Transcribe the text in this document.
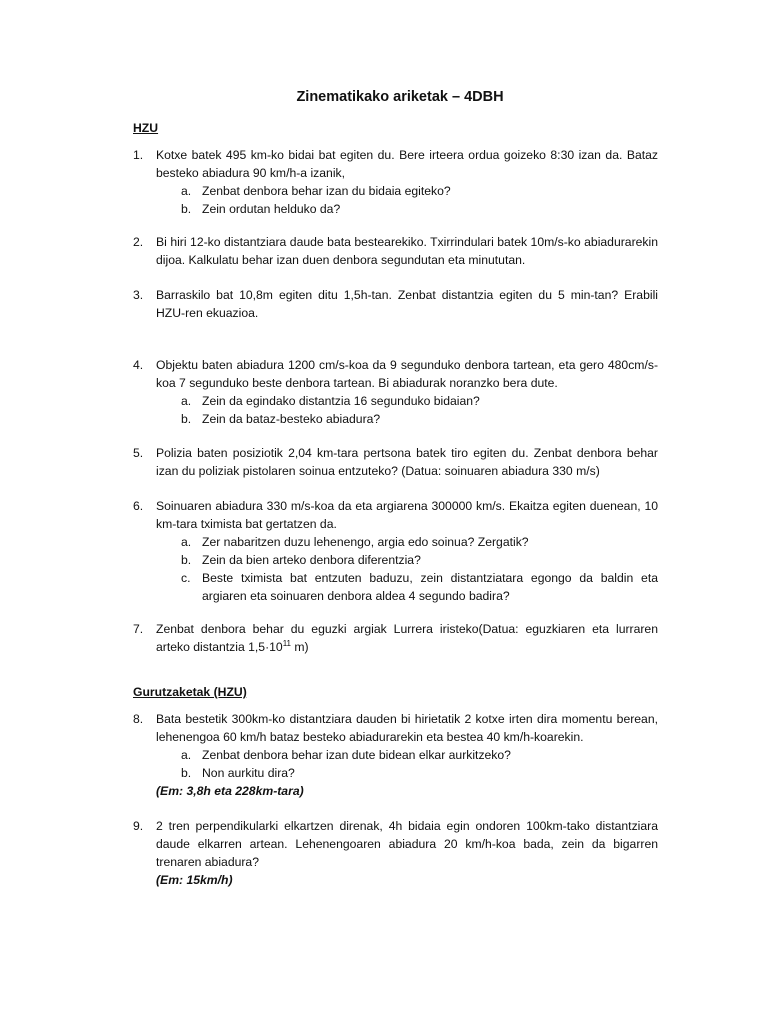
Zinematikako ariketak – 4DBH
HZU
1. Kotxe batek 495 km-ko bidai bat egiten du. Bere irteera ordua goizeko 8:30 izan da. Bataz besteko abiadura 90 km/h-a izanik,
a. Zenbat denbora behar izan du bidaia egiteko?
b. Zein ordutan helduko da?
2. Bi hiri 12-ko distantziara daude bata bestearekiko. Txirrindulari batek 10m/s-ko abiadurarekin dijoa. Kalkulatu behar izan duen denbora segundutan eta minututan.
3. Barraskilo bat 10,8m egiten ditu 1,5h-tan. Zenbat distantzia egiten du 5 min-tan? Erabili HZU-ren ekuazioa.
4. Objektu baten abiadura 1200 cm/s-koa da 9 segunduko denbora tartean, eta gero 480cm/s-koa 7 segunduko beste denbora tartean. Bi abiadurak noranzko bera dute.
a. Zein da egindako distantzia 16 segunduko bidaian?
b. Zein da bataz-besteko abiadura?
5. Polizia baten posiziotik 2,04 km-tara pertsona batek tiro egiten du. Zenbat denbora behar izan du poliziak pistolaren soinua entzuteko? (Datua: soinuaren abiadura 330 m/s)
6. Soinuaren abiadura 330 m/s-koa da eta argiarena 300000 km/s. Ekaitza egiten duenean, 10 km-tara tximista bat gertatzen da.
a. Zer nabaritzen duzu lehenengo, argia edo soinua? Zergatik?
b. Zein da bien arteko denbora diferentzia?
c. Beste tximista bat entzuten baduzu, zein distantziatara egongo da baldin eta argiaren eta soinuaren denbora aldea 4 segundo badira?
7. Zenbat denbora behar du eguzki argiak Lurrera iristeko(Datua: eguzkiaren eta lurraren arteko distantzia $1,5\cdot 10^{11}$ m)
Gurutzaketak (HZU)
8. Bata bestetik 300km-ko distantziara dauden bi hirietatik 2 kotxe irten dira momentu berean, lehenengoa 60 km/h bataz besteko abiadurarekin eta bestea 40 km/h-koarekin.
a. Zenbat denbora behar izan dute bidean elkar aurkitzeko?
b. Non aurkitu dira?
(Em: 3,8h eta 228km-tara)
9. 2 tren perpendikularki elkartzen direnak, 4h bidaia egin ondoren 100km-tako distantziara daude elkarren artean. Lehenengoaren abiadura 20 km/h-koa bada, zein da bigarren trenaren abiadura?
(Em: 15km/h)
